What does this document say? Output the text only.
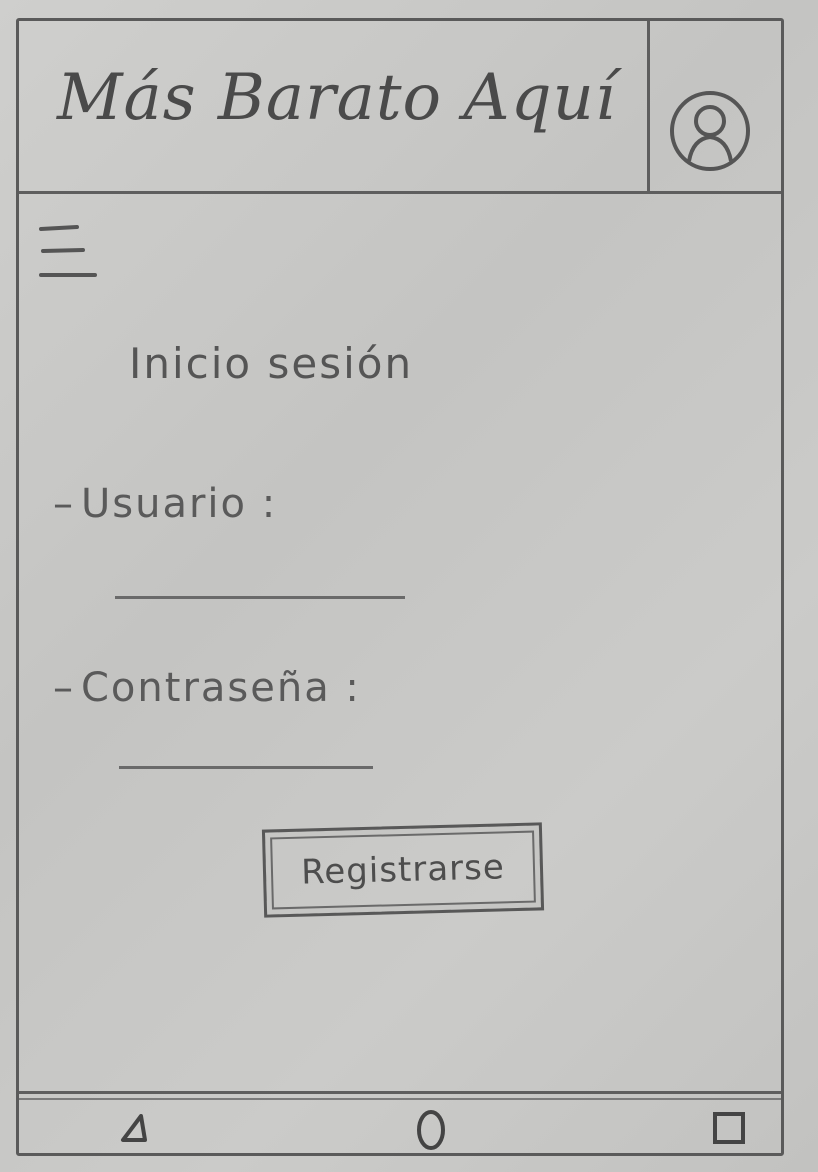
Más Barato Aquí
Inicio sesión
– Usuario :
– Contraseña :
Registrarse
